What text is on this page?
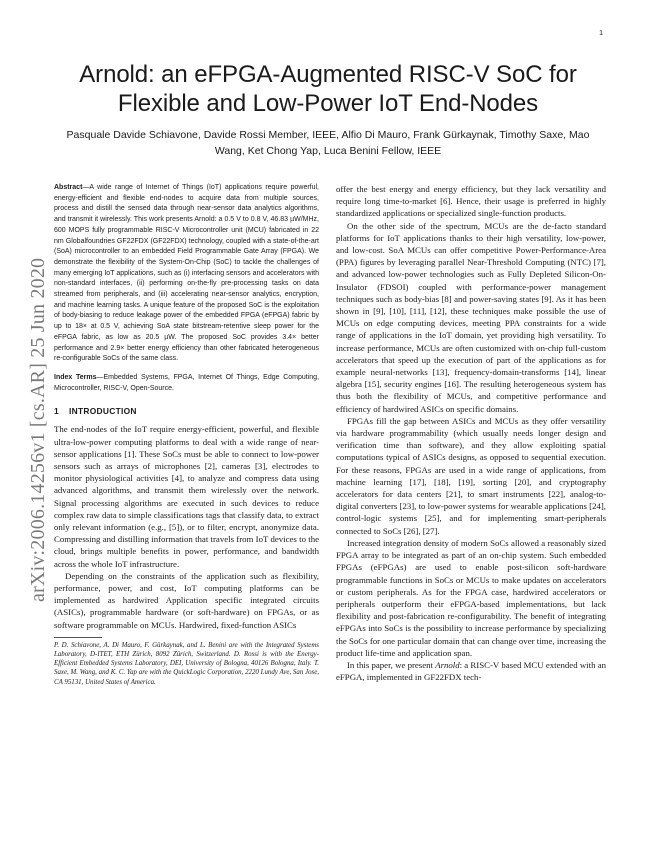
1
arXiv:2006.14256v1 [cs.AR] 25 Jun 2020
Arnold: an eFPGA-Augmented RISC-V SoC for Flexible and Low-Power IoT End-Nodes
Pasquale Davide Schiavone, Davide Rossi Member, IEEE, Alfio Di Mauro, Frank Gürkaynak, Timothy Saxe, Mao Wang, Ket Chong Yap, Luca Benini Fellow, IEEE

Abstract—A wide range of Internet of Things (IoT) applications require powerful, energy-efficient and flexible end-nodes to acquire data from multiple sources, process and distill the sensed data through near-sensor data analytics algorithms, and transmit it wirelessly. This work presents Arnold: a 0.5 V to 0.8 V, 46.83 µW/MHz, 600 MOPS fully programmable RISC-V Microcontroller unit (MCU) fabricated in 22 nm Globalfoundries GF22FDX (GF22FDX) technology, coupled with a state-of-the-art (SoA) microcontroller to an embedded Field Programmable Gate Array (FPGA). We demonstrate the flexibility of the System-On-Chip (SoC) to tackle the challenges of many emerging IoT applications, such as (i) interfacing sensors and accelerators with non-standard interfaces, (ii) performing on-the-fly pre-processing tasks on data streamed from peripherals, and (iii) accelerating near-sensor analytics, encryption, and machine learning tasks. A unique feature of the proposed SoC is the exploitation of body-biasing to reduce leakage power of the embedded FPGA (eFPGA) fabric by up to 18× at 0.5 V, achieving SoA state bitstream-retentive sleep power for the eFPGA fabric, as low as 20.5 µW. The proposed SoC provides 3.4× better performance and 2.9× better energy efficiency than other fabricated heterogeneous re-configurable SoCs of the same class.

Index Terms—Embedded Systems, FPGA, Internet Of Things, Edge Computing, Microcontroller, RISC-V, Open-Source.

1 INTRODUCTION

The end-nodes of the IoT require energy-efficient, powerful, and flexible ultra-low-power computing platforms to deal with a wide range of near-sensor applications [1]. These SoCs must be able to connect to low-power sensors such as arrays of microphones [2], cameras [3], electrodes to monitor physiological activities [4], to analyze and compress data using advanced algorithms, and transmit them wirelessly over the network. Signal processing algorithms are executed in such devices to reduce complex raw data to simple classifications tags that classify data, to extract only relevant information (e.g., [5]), or to filter, encrypt, anonymize data. Compressing and distilling information that travels from IoT devices to the cloud, brings multiple benefits in power, performance, and bandwidth across the whole IoT infrastructure.

Depending on the constraints of the application such as flexibility, performance, power, and cost, IoT computing platforms can be implemented as hardwired Application specific integrated circuits (ASICs), programmable hardware (or soft-hardware) on FPGAs, or as software programmable on MCUs. Hardwired, fixed-function ASICs

P. D. Schiavone, A. Di Mauro, F. Gürkaynak, and L. Benini are with the Integrated Systems Laboratory, D-ITET, ETH Zürich, 8092 Zürich, Switzerland. D. Rossi is with the Energy-Efficient Embedded Systems Laboratory, DEI, University of Bologna, 40126 Bologna, Italy. T. Saxe, M. Wang, and K. C. Yap are with the QuickLogic Corporation, 2220 Lundy Ave, San Jose, CA 95131, United States of America.

offer the best energy and energy efficiency, but they lack versatility and require long time-to-market [6]. Hence, their usage is preferred in highly standardized applications or specialized single-function products.

On the other side of the spectrum, MCUs are the de-facto standard platforms for IoT applications thanks to their high versatility, low-power, and low-cost. SoA MCUs can offer competitive Power-Performance-Area (PPA) figures by leveraging parallel Near-Threshold Computing (NTC) [7], and advanced low-power technologies such as Fully Depleted Silicon-On-Insulator (FDSOI) coupled with performance-power management techniques such as body-bias [8] and power-saving states [9]. As it has been shown in [9], [10], [11], [12], these techniques make possible the use of MCUs on edge computing devices, meeting PPA constraints for a wide range of applications in the IoT domain, yet providing high versatility. To increase performance, MCUs are often customized with on-chip full-custom accelerators that speed up the execution of part of the applications as for example neural-networks [13], frequency-domain-transforms [14], linear algebra [15], security engines [16]. The resulting heterogeneous system has thus both the flexibility of MCUs, and competitive performance and efficiency of hardwired ASICs on specific domains.

FPGAs fill the gap between ASICs and MCUs as they offer versatility via hardware programmability (which usually needs longer design and verification time than software), and they allow exploiting spatial computations typical of ASICs designs, as opposed to sequential execution. For these reasons, FPGAs are used in a wide range of applications, from machine learning [17], [18], [19], sorting [20], and cryptography accelerators for data centers [21], to smart instruments [22], analog-to-digital converters [23], to low-power systems for wearable applications [24], control-logic systems [25], and for implementing smart-peripherals connected to SoCs [26], [27].

Increased integration density of modern SoCs allowed a reasonably sized FPGA array to be integrated as part of an on-chip system. Such embedded FPGAs (eFPGAs) are used to enable post-silicon soft-hardware programmable functions in SoCs or MCUs to make updates on accelerators or custom peripherals. As for the FPGA case, hardwired accelerators or peripherals outperform their eFPGA-based implementations, but lack flexibility and post-fabrication re-configurability. The benefit of integrating eFPGAs into SoCs is the possibility to increase performance by specializing the SoCs for one particular domain that can change over time, increasing the product life-time and application span.

In this paper, we present Arnold: a RISC-V based MCU extended with an eFPGA, implemented in GF22FDX tech-
